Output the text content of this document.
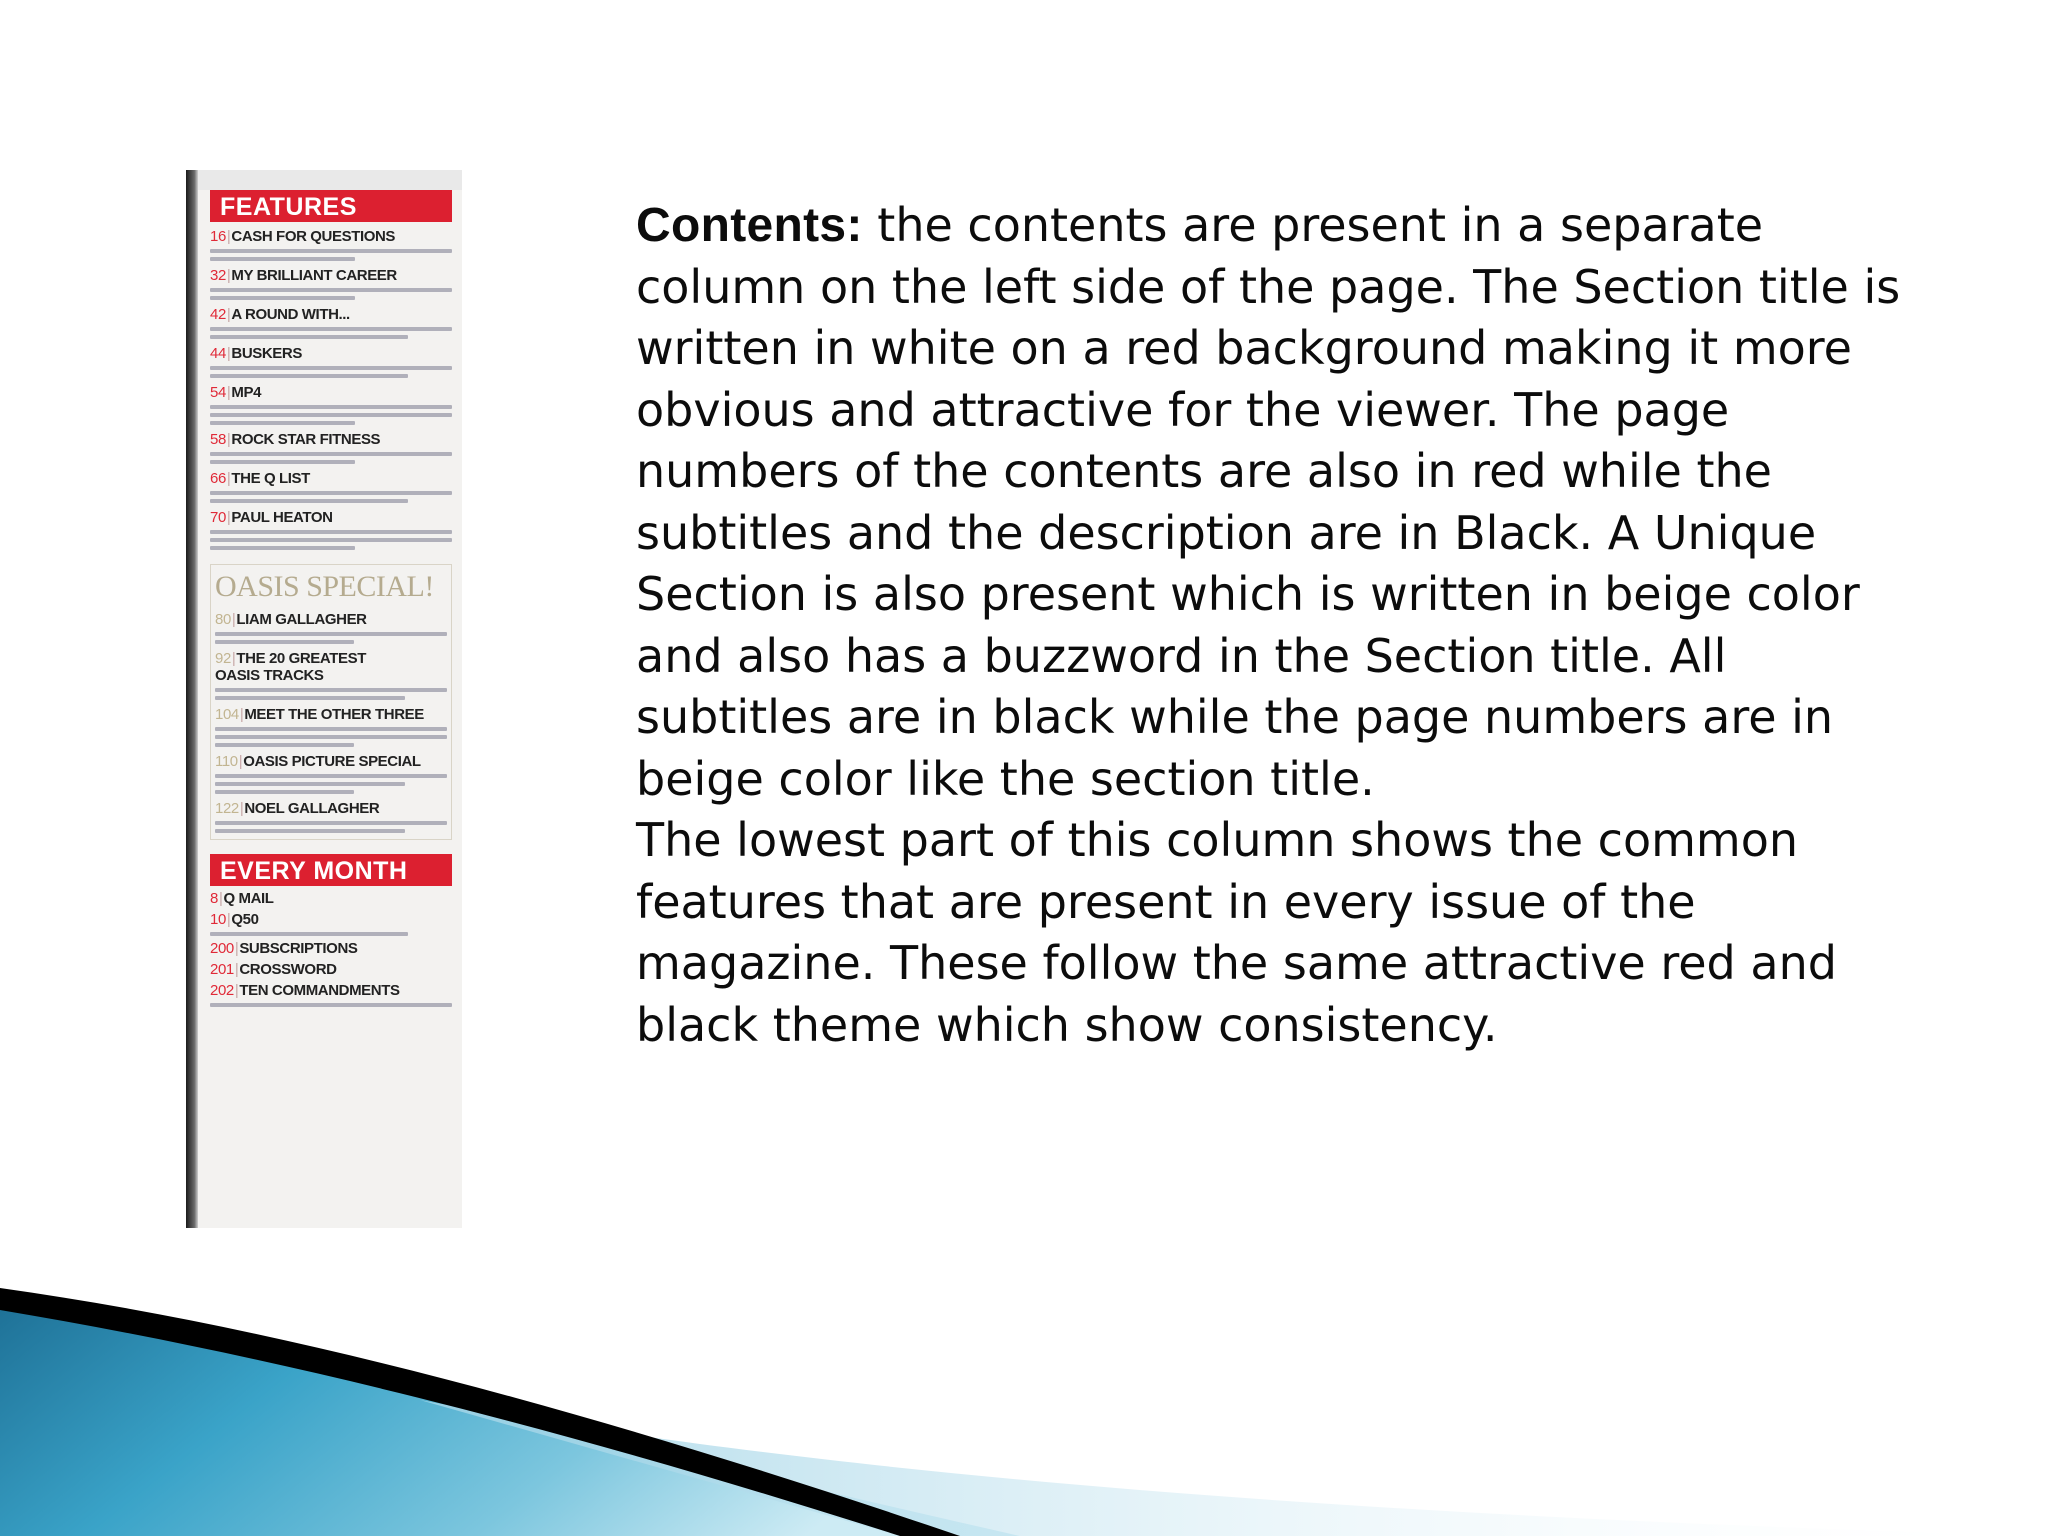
FEATURES
16|CASH FOR QUESTIONS
32|MY BRILLIANT CAREER
42|A ROUND WITH...
44|BUSKERS
54|MP4
58|ROCK STAR FITNESS
66|THE Q LIST
70|PAUL HEATON
OASIS SPECIAL!
80|LIAM GALLAGHER
92|THE 20 GREATEST
OASIS TRACKS
104|MEET THE OTHER THREE
110|OASIS PICTURE SPECIAL
122|NOEL GALLAGHER
EVERY MONTH
8|Q MAIL
10|Q50
200|SUBSCRIPTIONS
201|CROSSWORD
202|TEN COMMANDMENTS

Contents: the contents are present in a separate column on the left side of the page. The Section title is written in white on a red background making it more obvious and attractive for the viewer. The page numbers of the contents are also in red while the subtitles and the description are in Black. A Unique Section is also present which is written in beige color and also has a buzzword in the Section title. All subtitles are in black while the page numbers are in beige color like the section title.
The lowest part of this column shows the common features that are present in every issue of the magazine. These follow the same attractive red and black theme which show consistency.
